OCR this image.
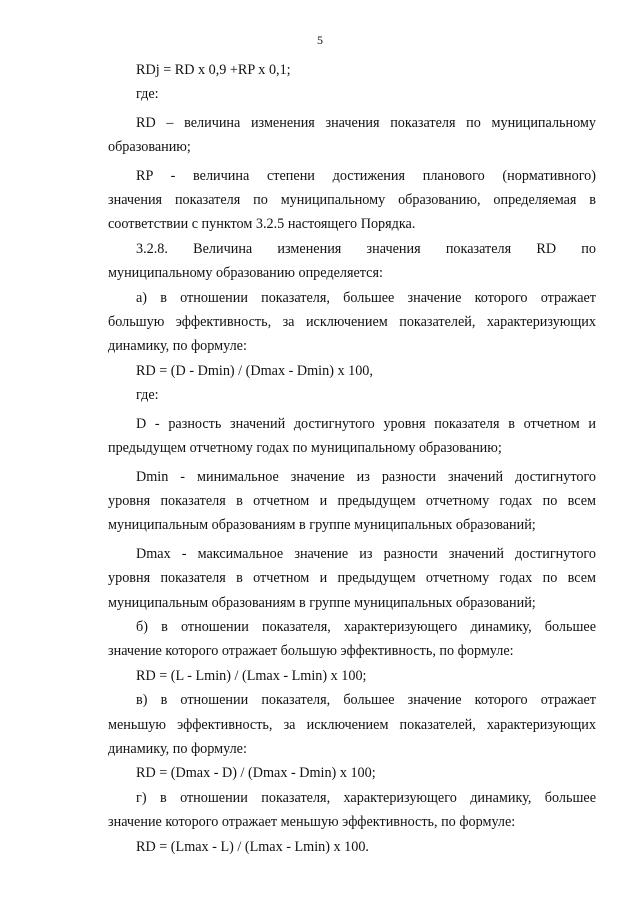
5
RDj = RD x 0,9 +RP x 0,1;
где:
RD – величина изменения значения показателя по муниципальному
образованию;
RP - величина степени достижения планового (нормативного)
значения показателя по муниципальному образованию, определяемая в
соответствии с пунктом 3.2.5 настоящего Порядка.
3.2.8. Величина изменения значения показателя RD по
муниципальному образованию определяется:
а) в отношении показателя, большее значение которого отражает
большую эффективность, за исключением показателей, характеризующих
динамику, по формуле:
RD = (D - Dmin) / (Dmax - Dmin) x 100,
где:
D - разность значений достигнутого уровня показателя в отчетном и
предыдущем отчетному годах по муниципальному образованию;
Dmin - минимальное значение из разности значений достигнутого
уровня показателя в отчетном и предыдущем отчетному годах по всем
муниципальным образованиям в группе муниципальных образований;
Dmax - максимальное значение из разности значений достигнутого
уровня показателя в отчетном и предыдущем отчетному годах по всем
муниципальным образованиям в группе муниципальных образований;
б) в отношении показателя, характеризующего динамику, большее
значение которого отражает большую эффективность, по формуле:
RD = (L - Lmin) / (Lmax - Lmin) x 100;
в) в отношении показателя, большее значение которого отражает
меньшую эффективность, за исключением показателей, характеризующих
динамику, по формуле:
RD = (Dmax - D) / (Dmax - Dmin) x 100;
г) в отношении показателя, характеризующего динамику, большее
значение которого отражает меньшую эффективность, по формуле:
RD = (Lmax - L) / (Lmax - Lmin) x 100.
